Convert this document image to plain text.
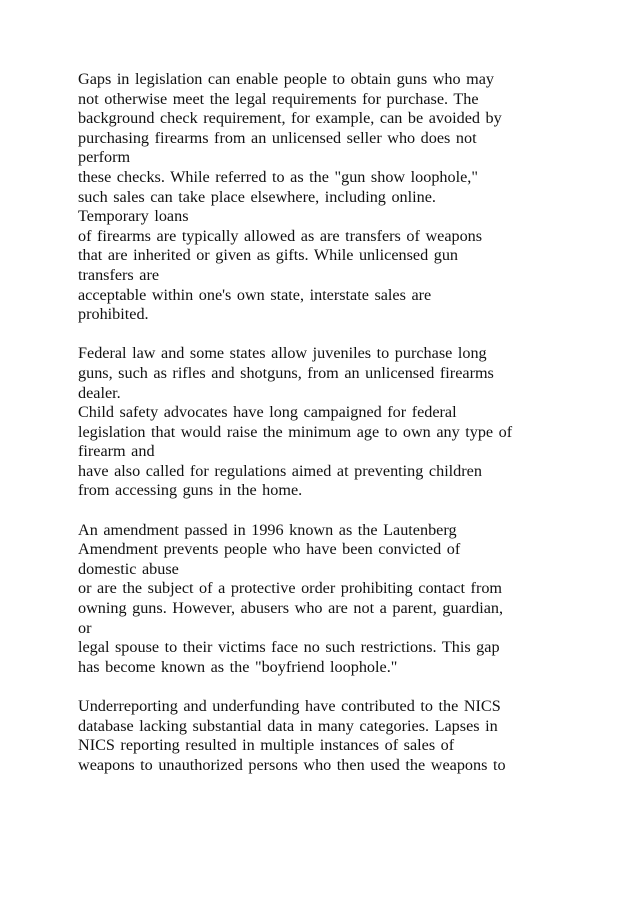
Gaps in legislation can enable people to obtain guns who may
not otherwise meet the legal requirements for purchase. The
background check requirement, for example, can be avoided by
purchasing firearms from an unlicensed seller who does not
perform
these checks. While referred to as the "gun show loophole,"
such sales can take place elsewhere, including online.
Temporary loans
of firearms are typically allowed as are transfers of weapons
that are inherited or given as gifts. While unlicensed gun
transfers are
acceptable within one's own state, interstate sales are
prohibited.

Federal law and some states allow juveniles to purchase long
guns, such as rifles and shotguns, from an unlicensed firearms
dealer.
Child safety advocates have long campaigned for federal
legislation that would raise the minimum age to own any type of
firearm and
have also called for regulations aimed at preventing children
from accessing guns in the home.

An amendment passed in 1996 known as the Lautenberg
Amendment prevents people who have been convicted of
domestic abuse
or are the subject of a protective order prohibiting contact from
owning guns. However, abusers who are not a parent, guardian,
or
legal spouse to their victims face no such restrictions. This gap
has become known as the "boyfriend loophole."

Underreporting and underfunding have contributed to the NICS
database lacking substantial data in many categories. Lapses in
NICS reporting resulted in multiple instances of sales of
weapons to unauthorized persons who then used the weapons to
